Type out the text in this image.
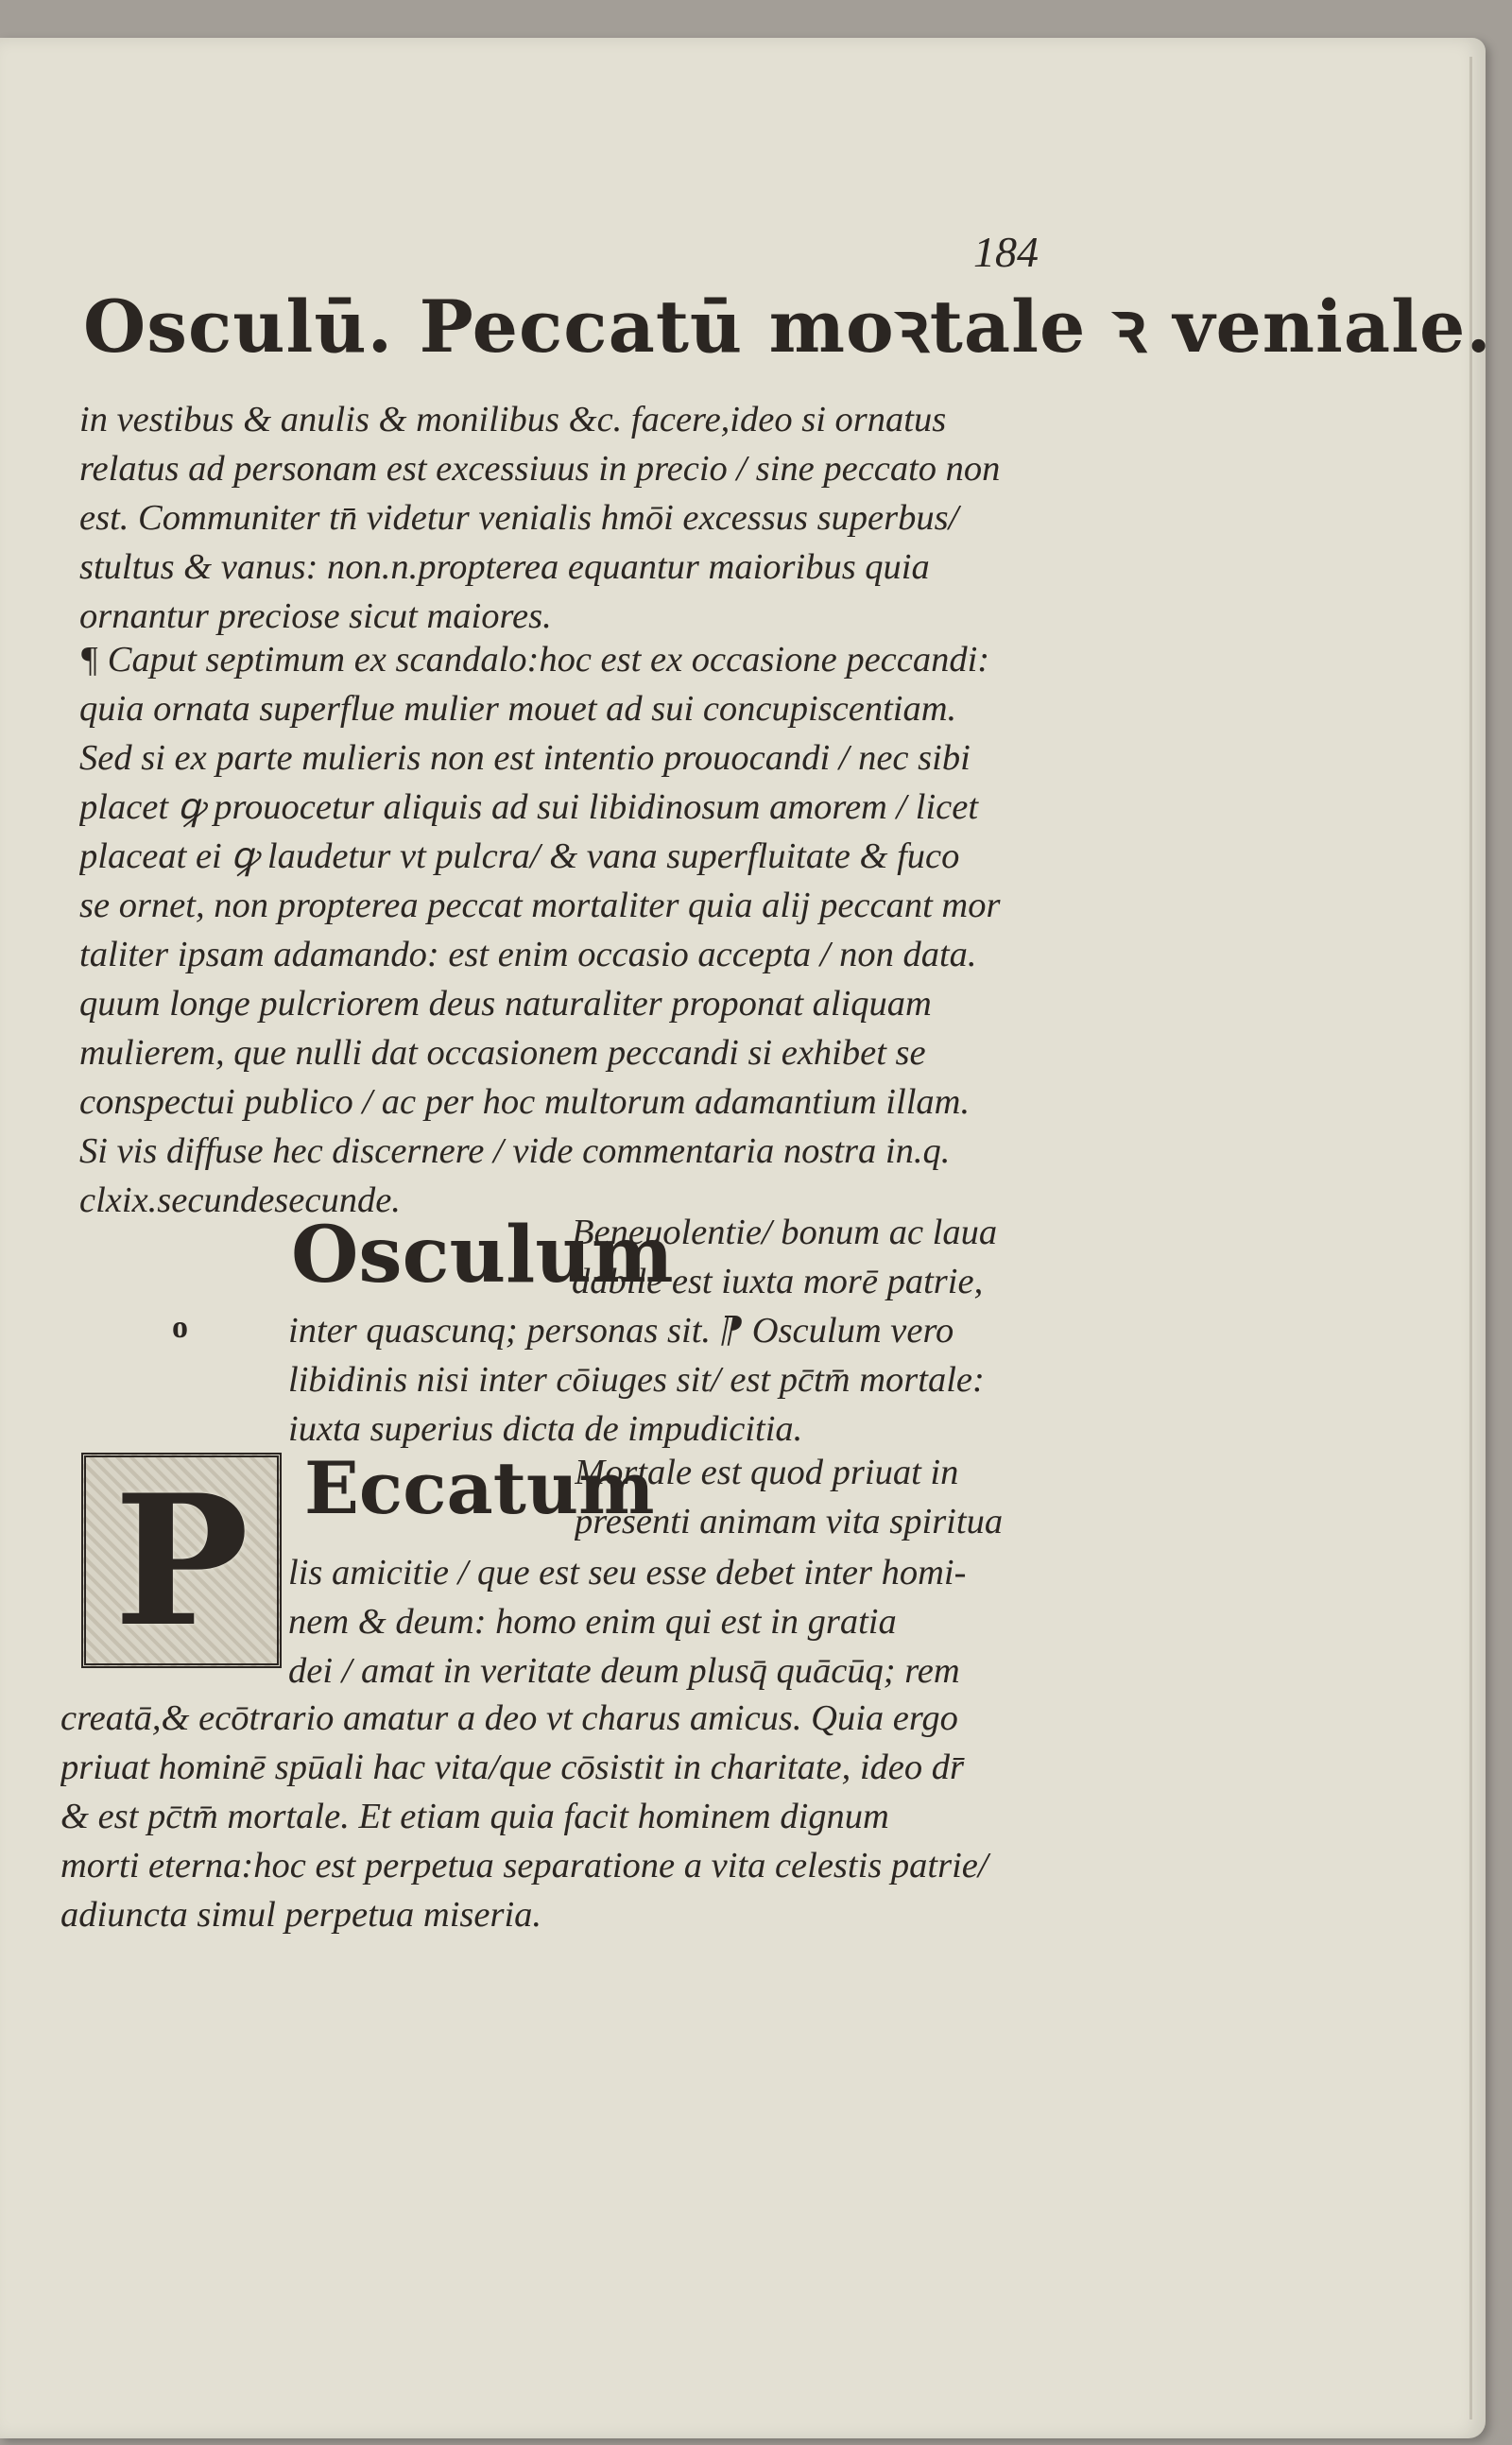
184
Osculū. Peccatū moꝛtale ꝛ veniale.
in vestibus & anulis & monilibus &c. facere,ideo si ornatus
relatus ad personam est excessiuus in precio / sine peccato non
est. Communiter tn̄ videtur venialis hmōi excessus superbus/
stultus & vanus: non.n.propterea equantur maioribus quia
ornantur preciose sicut maiores.
¶ Caput septimum ex scandalo:hoc est ex occasione peccandi:
quia ornata superflue mulier mouet ad sui concupiscentiam.
Sed si ex parte mulieris non est intentio prouocandi / nec sibi
placet ꝙ prouocetur aliquis ad sui libidinosum amorem / licet
placeat ei ꝙ laudetur vt pulcra/ & vana superfluitate & fuco
se ornet, non propterea peccat mortaliter quia alij peccant mor
taliter ipsam adamando: est enim occasio accepta / non data.
quum longe pulcriorem deus naturaliter proponat aliquam
mulierem, que nulli dat occasionem peccandi si exhibet se
conspectui publico / ac per hoc multorum adamantium illam.
Si vis diffuse hec discernere / vide commentaria nostra in.q.
clxix.secundesecunde.
Osculum
Beneuolentie/ bonum ac laua
dabile est iuxta morē patrie,
o	inter quascunq; personas sit. ⁋ Osculum vero
libidinis nisi inter cōiuges sit/ est pc̄tm̄ mortale:
iuxta superius dicta de impudicitia.
P Eccatum
Mortale est quod priuat in
presenti animam vita spiritua
lis amicitie / que est seu esse debet inter homi-
nem & deum: homo enim qui est in gratia
dei / amat in veritate deum plusq̄ quācūq; rem
creatā,& ecōtrario amatur a deo vt charus amicus. Quia ergo
priuat hominē spūali hac vita/que cōsistit in charitate, ideo dr̄
& est pc̄tm̄ mortale. Et etiam quia facit hominem dignum
morti eterna:hoc est perpetua separatione a vita celestis patrie/
adiuncta simul perpetua miseria.
